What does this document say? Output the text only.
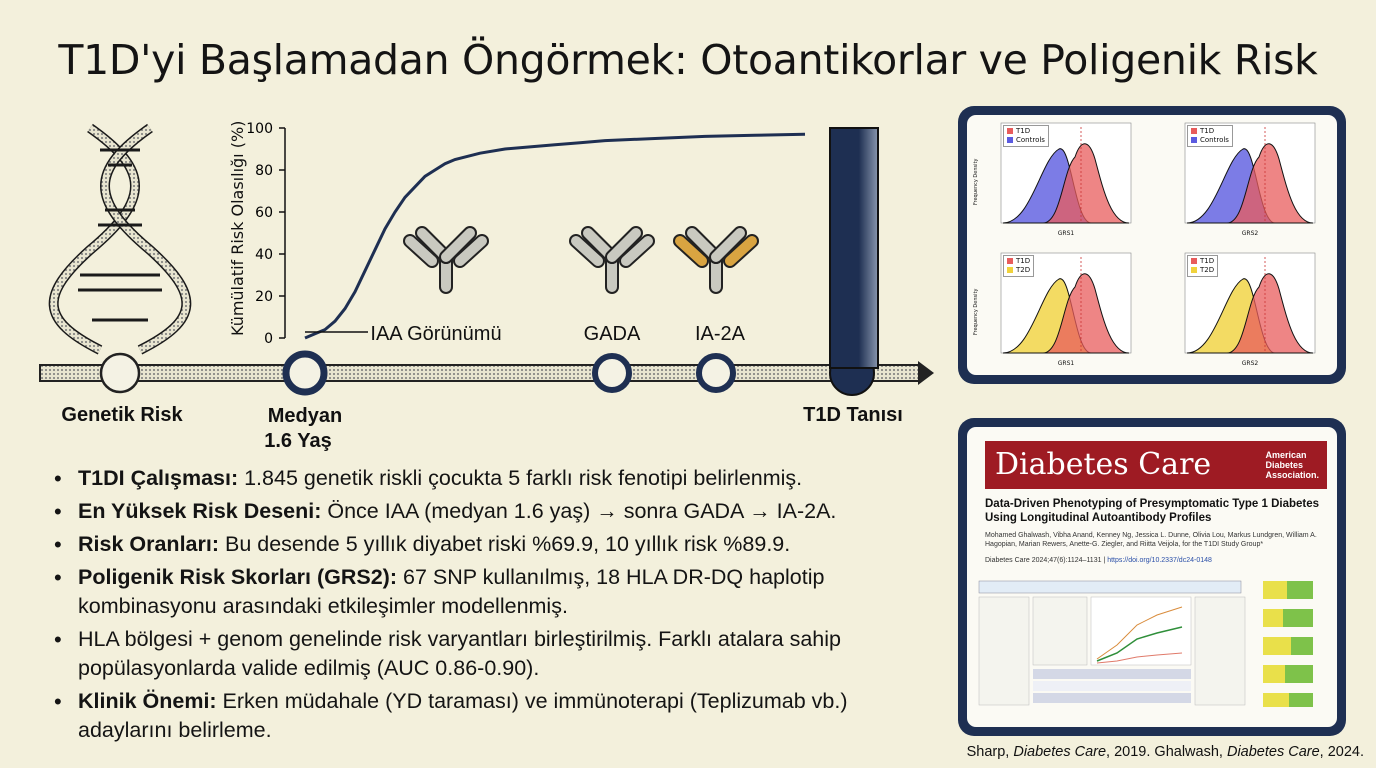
T1D'yi Başlamadan Öngörmek: Otoantikorlar ve Poligenik Risk
100
80
60
40
20
0
Kümülatif Risk Olasılığı (%)	IAA Görünümü	GADA	IA-2A
Genetik Risk	Medyan
1.6 Yaş
T1D Tanısı
• T1DI Çalışması: 1.845 genetik riskli çocukta 5 farklı risk fenotipi belirlenmiş.
• En Yüksek Risk Deseni: Önce IAA (medyan 1.6 yaş) → sonra GADA → IA-2A.
• Risk Oranları: Bu desende 5 yıllık diyabet riski %69.9, 10 yıllık risk %89.9.
• Poligenik Risk Skorları (GRS2): 67 SNP kullanılmış, 18 HLA DR-DQ haplotip kombinasyonu arasındaki etkileşimler modellenmiş.
• HLA bölgesi + genom genelinde risk varyantları birleştirilmiş. Farklı atalara sahip popülasyonlarda valide edilmiş (AUC 0.86-0.90).
• Klinik Önemi: Erken müdahale (YD taraması) ve immünoterapi (Teplizumab vb.) adaylarını belirleme.
T1D
Controls
GRS1
Frequency Density
T1D
Controls
GRS2
T1D
T2D
GRS1
Frequency Density
T1D
T2D
GRS2
Diabetes Care	American
Diabetes
Association.
Data-Driven Phenotyping of Presymptomatic Type 1 Diabetes Using Longitudinal Autoantibody Profiles
Mohamed Ghalwash, Vibha Anand, Kenney Ng, Jessica L. Dunne, Olivia Lou, Markus Lundgren, William A. Hagopian, Marian Rewers, Anette-G. Ziegler, and Riitta Veijola, for the T1DI Study Group*
Diabetes Care 2024;47(6):1124–1131 | https://doi.org/10.2337/dc24-0148
Sharp, Diabetes Care, 2019. Ghalwash, Diabetes Care, 2024.
